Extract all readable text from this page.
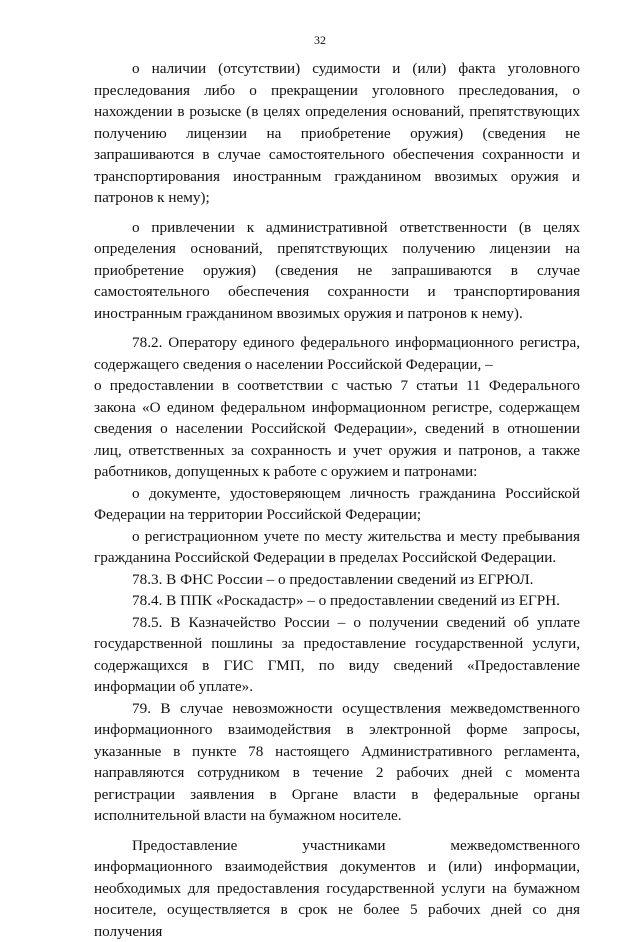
32

о наличии (отсутствии) судимости и (или) факта уголовного преследования либо о прекращении уголовного преследования, о нахождении в розыске (в целях определения оснований, препятствующих получению лицензии на приобретение оружия) (сведения не запрашиваются в случае самостоятельного обеспечения сохранности и транспортирования иностранным гражданином ввозимых оружия и патронов к нему);

о привлечении к административной ответственности (в целях определения оснований, препятствующих получению лицензии на приобретение оружия) (сведения не запрашиваются в случае самостоятельного обеспечения сохранности и транспортирования иностранным гражданином ввозимых оружия и патронов к нему).

78.2. Оператору единого федерального информационного регистра, содержащего сведения о населении Российской Федерации, –

о предоставлении в соответствии с частью 7 статьи 11 Федерального закона «О едином федеральном информационном регистре, содержащем сведения о населении Российской Федерации», сведений в отношении лиц, ответственных за сохранность и учет оружия и патронов, а также работников, допущенных к работе с оружием и патронами:

о документе, удостоверяющем личность гражданина Российской Федерации на территории Российской Федерации;

о регистрационном учете по месту жительства и месту пребывания гражданина Российской Федерации в пределах Российской Федерации.

78.3. В ФНС России – о предоставлении сведений из ЕГРЮЛ.

78.4. В ППК «Роскадастр» – о предоставлении сведений из ЕГРН.

78.5. В Казначейство России – о получении сведений об уплате государственной пошлины за предоставление государственной услуги, содержащихся в ГИС ГМП, по виду сведений «Предоставление информации об уплате».

79. В случае невозможности осуществления межведомственного информационного взаимодействия в электронной форме запросы, указанные в пункте 78 настоящего Административного регламента, направляются сотрудником в течение 2 рабочих дней с момента регистрации заявления в Органе власти в федеральные органы исполнительной власти на бумажном носителе.

Предоставление участниками межведомственного информационного взаимодействия документов и (или) информации, необходимых для предоставления государственной услуги на бумажном носителе, осуществляется в срок не более 5 рабочих дней со дня получения
